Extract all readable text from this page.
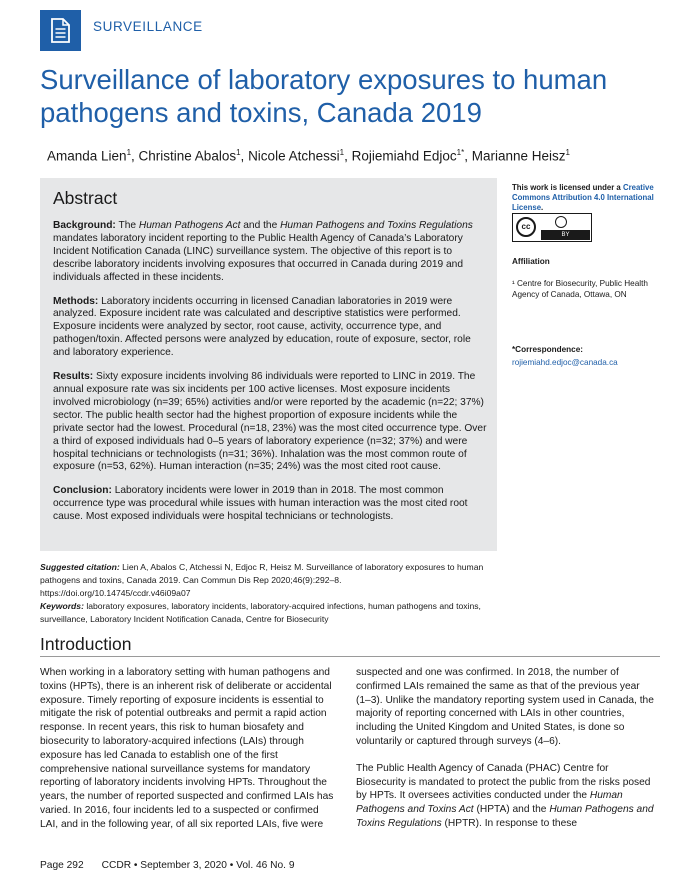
SURVEILLANCE
Surveillance of laboratory exposures to human
pathogens and toxins, Canada 2019
Amanda Lien$^1$, Christine Abalos$^1$, Nicole Atchessi$^1$, Rojiemiahd Edjoc$^{1*}$, Marianne Heisz$^1$
Abstract

Background: The Human Pathogens Act and the Human Pathogens and Toxins Regulations mandates laboratory incident reporting to the Public Health Agency of Canada’s Laboratory Incident Notification Canada (LINC) surveillance system. The objective of this report is to describe laboratory incidents involving exposures that occurred in Canada during 2019 and individuals affected in these incidents.

Methods: Laboratory incidents occurring in licensed Canadian laboratories in 2019 were analyzed. Exposure incident rate was calculated and descriptive statistics were performed. Exposure incidents were analyzed by sector, root cause, activity, occurrence type, and pathogen/toxin. Affected persons were analyzed by education, route of exposure, sector, role and laboratory experience.

Results: Sixty exposure incidents involving 86 individuals were reported to LINC in 2019. The annual exposure rate was six incidents per 100 active licenses. Most exposure incidents involved microbiology (n=39; 65%) activities and/or were reported by the academic (n=22; 37%) sector. The public health sector had the highest proportion of exposure incidents while the private sector had the lowest. Procedural (n=18, 23%) was the most cited occurrence type. Over a third of exposed individuals had 0–5 years of laboratory experience (n=32; 37%) and were hospital technicians or technologists (n=31; 36%). Inhalation was the most common route of exposure (n=53, 62%). Human interaction (n=35; 24%) was the most cited root cause.

Conclusion: Laboratory incidents were lower in 2019 than in 2018. The most common occurrence type was procedural while issues with human interaction was the most cited root cause. Most exposed individuals were hospital technicians or technologists.

This work is licensed under a Creative Commons Attribution 4.0 International License.
cc
BY
Affiliation
¹ Centre for Biosecurity, Public Health Agency of Canada, Ottawa, ON
*Correspondence:
rojiemiahd.edjoc@canada.ca
Suggested citation: Lien A, Abalos C, Atchessi N, Edjoc R, Heisz M. Surveillance of laboratory exposures to human pathogens and toxins, Canada 2019. Can Commun Dis Rep 2020;46(9):292–8. https://doi.org/10.14745/ccdr.v46i09a07
Keywords: laboratory exposures, laboratory incidents, laboratory-acquired infections, human pathogens and toxins, surveillance, Laboratory Incident Notification Canada, Centre for Biosecurity
Introduction

When working in a laboratory setting with human pathogens and toxins (HPTs), there is an inherent risk of deliberate or accidental exposure. Timely reporting of exposure incidents is essential to mitigate the risk of potential outbreaks and permit a rapid action response. In recent years, this risk to human biosafety and biosecurity to laboratory-acquired infections (LAIs) through exposure has led Canada to establish one of the first comprehensive national surveillance systems for mandatory reporting of laboratory incidents involving HPTs. Throughout the years, the number of reported suspected and confirmed LAIs has varied. In 2016, four incidents led to a suspected or confirmed LAI, and in the following year, of all six reported LAIs, five were

suspected and one was confirmed. In 2018, the number of confirmed LAIs remained the same as that of the previous year (1–3). Unlike the mandatory reporting system used in Canada, the majority of reporting concerned with LAIs in other countries, including the United Kingdom and United States, is done so voluntarily or captured through surveys (4–6).

The Public Health Agency of Canada (PHAC) Centre for Biosecurity is mandated to protect the public from the risks posed by HPTs. It oversees activities conducted under the Human Pathogens and Toxins Act (HPTA) and the Human Pathogens and Toxins Regulations (HPTR). In response to these

Page 292 CCDR • September 3, 2020 • Vol. 46 No. 9
